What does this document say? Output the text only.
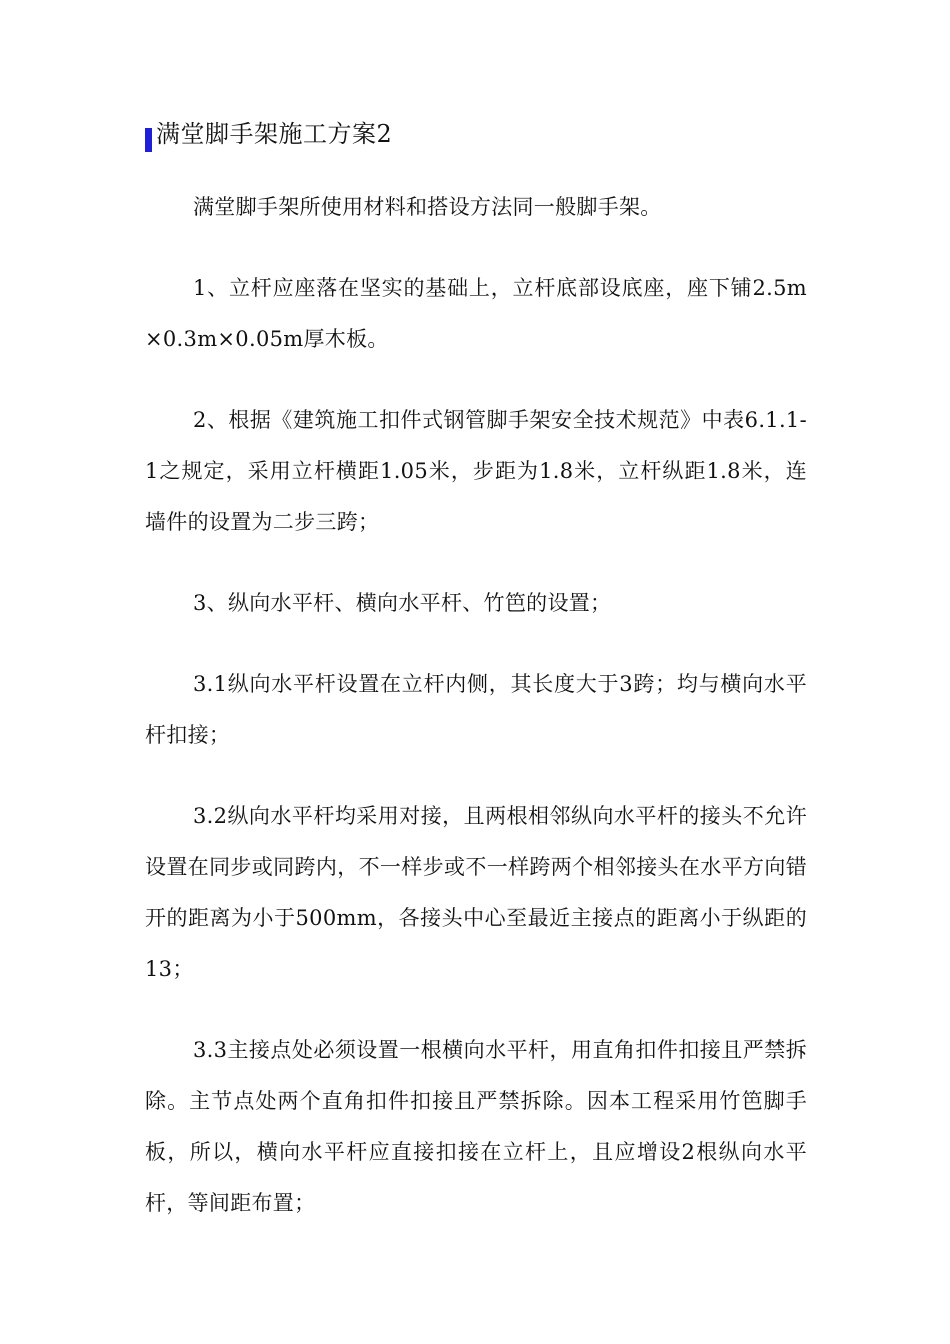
满堂脚手架施工方案2

满堂脚手架所使用材料和搭设方法同一般脚手架。

1、立杆应座落在坚实的基础上，立杆底部设底座，座下铺2.5m×0.3m×0.05m厚木板。

2、根据《建筑施工扣件式钢管脚手架安全技术规范》中表6.1.1-1之规定，采用立杆横距1.05米，步距为1.8米，立杆纵距1.8米，连墙件的设置为二步三跨；

3、纵向水平杆、横向水平杆、竹笆的设置；

3.1纵向水平杆设置在立杆内侧，其长度大于3跨；均与横向水平杆扣接；

3.2纵向水平杆均采用对接，且两根相邻纵向水平杆的接头不允许设置在同步或同跨内，不一样步或不一样跨两个相邻接头在水平方向错开的距离为小于500mm，各接头中心至最近主接点的距离小于纵距的13；

3.3主接点处必须设置一根横向水平杆，用直角扣件扣接且严禁拆除。主节点处两个直角扣件扣接且严禁拆除。因本工程采用竹笆脚手板，所以，横向水平杆应直接扣接在立杆上，且应增设2根纵向水平杆，等间距布置；
